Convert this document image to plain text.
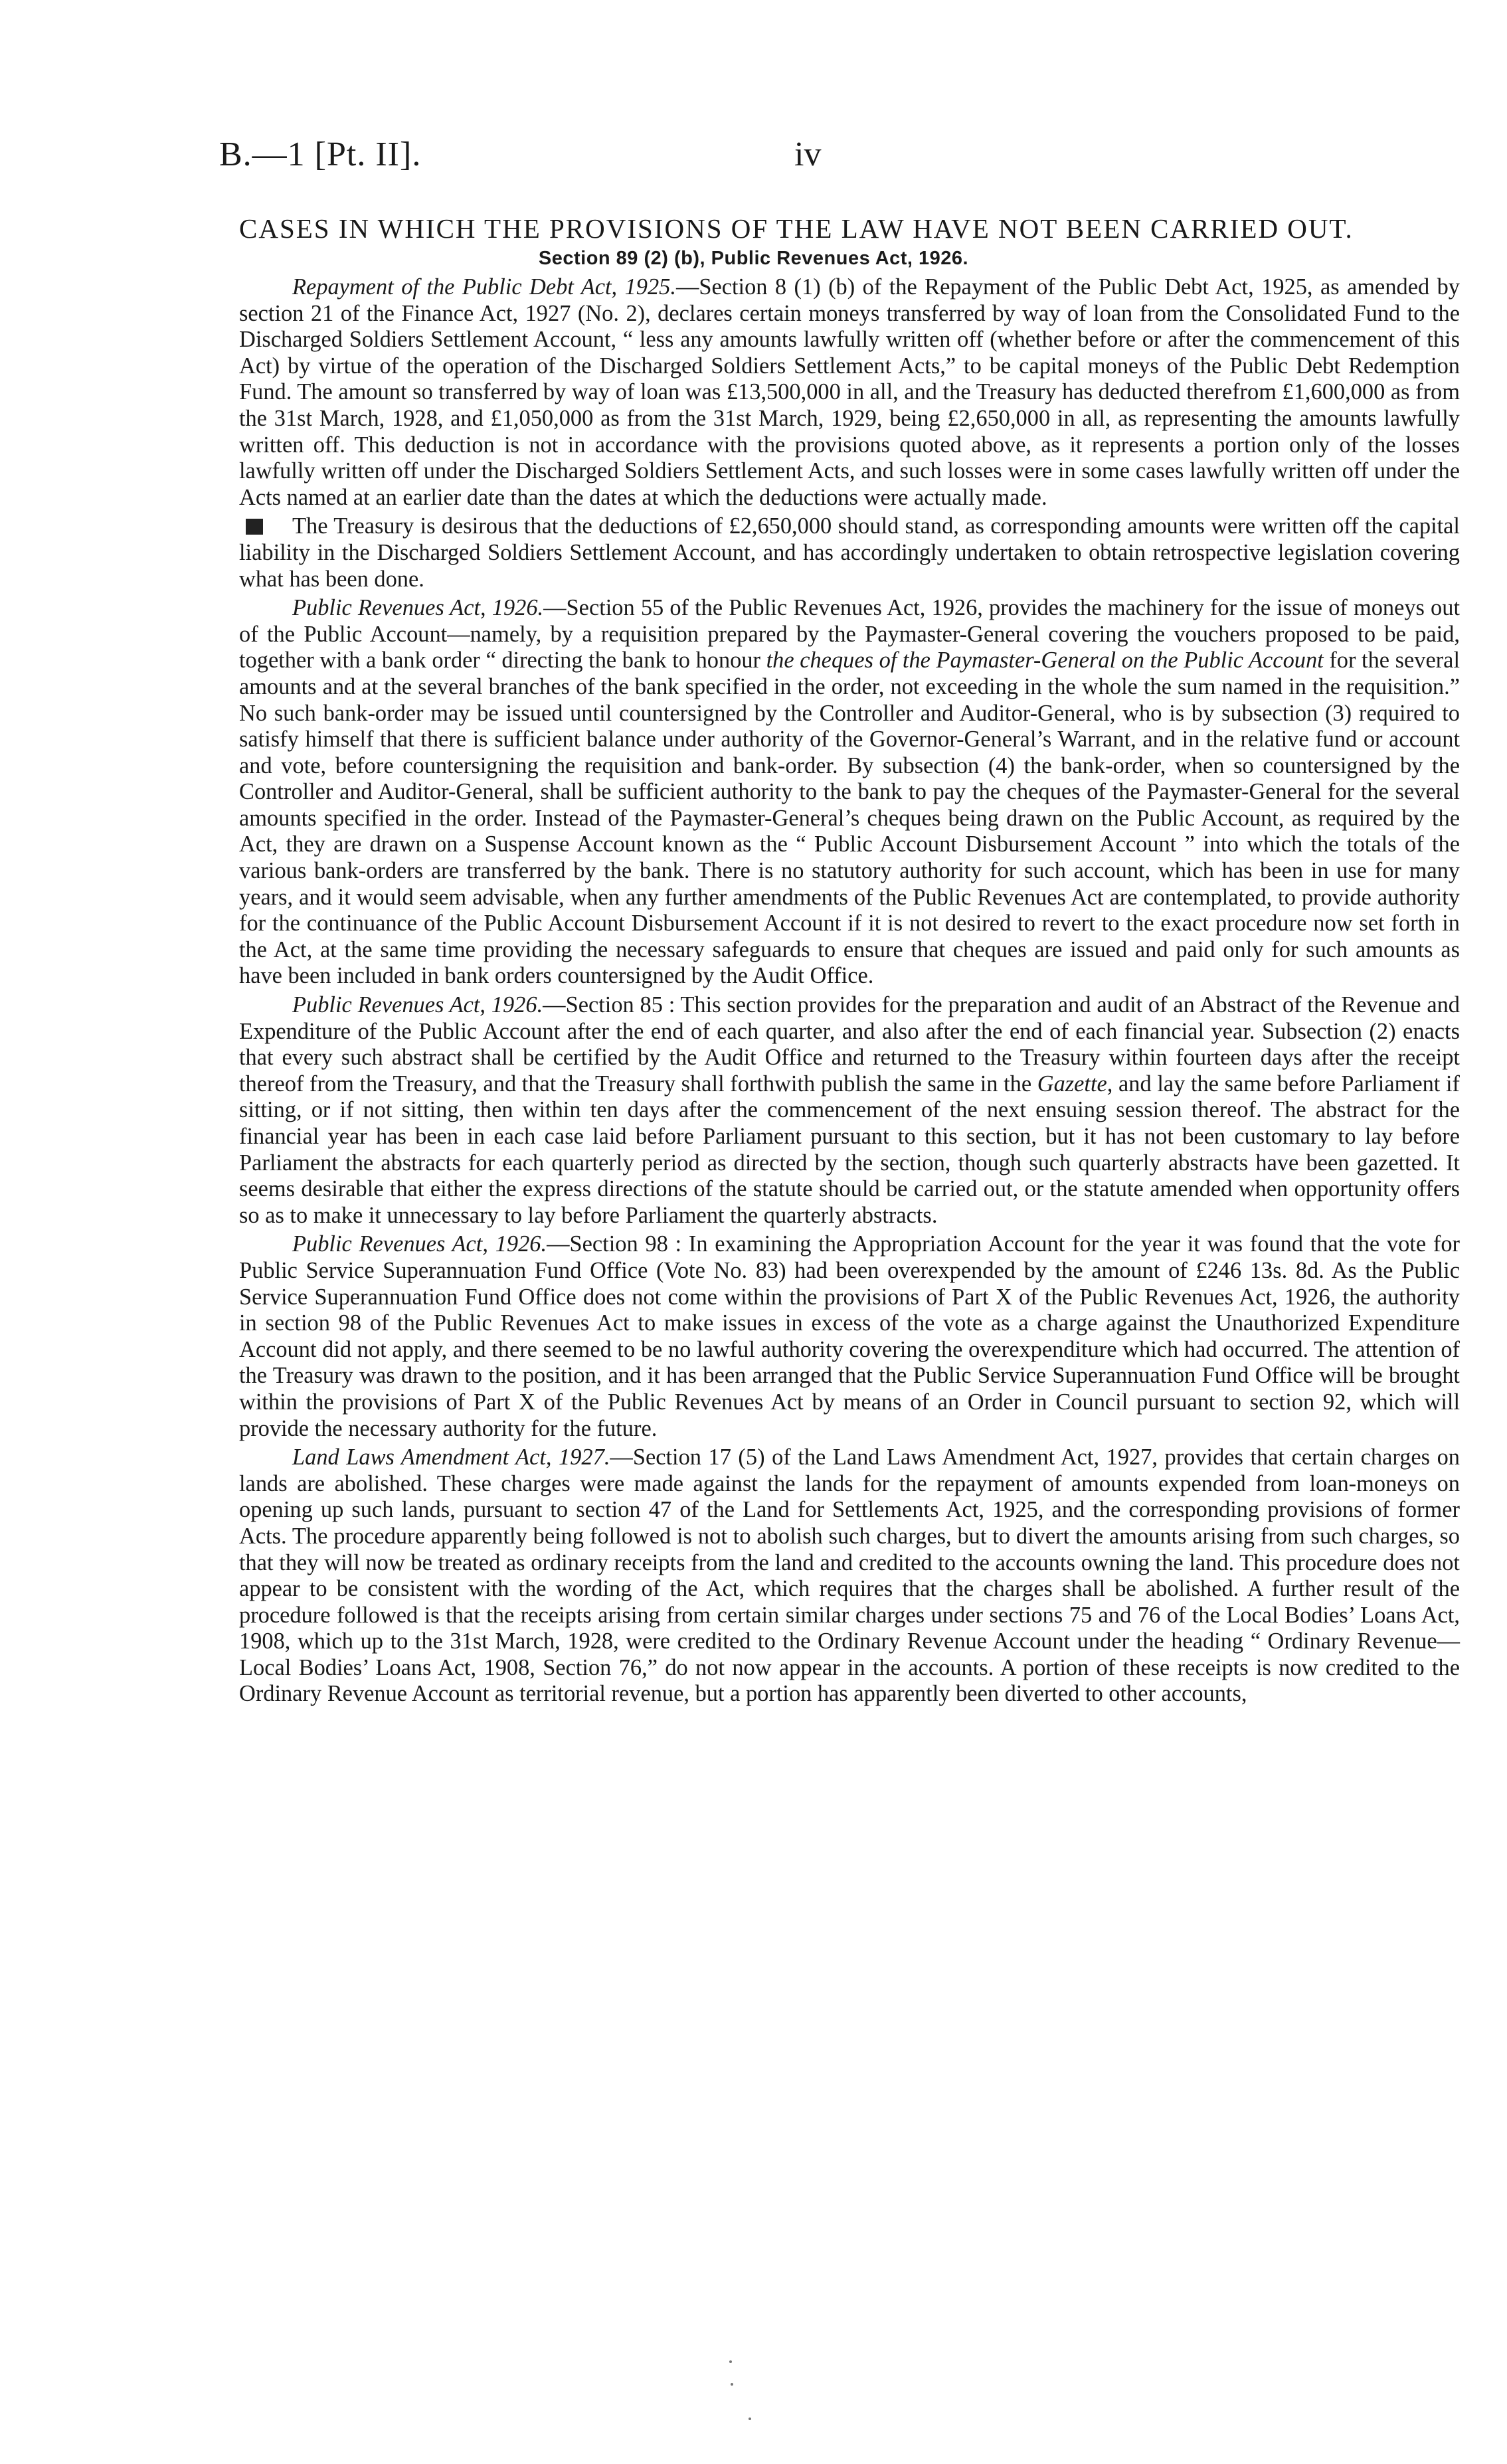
B.—1 [Pt. II].	iv
CASES IN WHICH THE PROVISIONS OF THE LAW HAVE NOT BEEN CARRIED OUT.
Section 89 (2) (b), Public Revenues Act, 1926.

Repayment of the Public Debt Act, 1925.—Section 8 (1) (b) of the Repayment of the Public Debt Act, 1925, as amended by section 21 of the Finance Act, 1927 (No. 2), declares certain moneys transferred by way of loan from the Consolidated Fund to the Discharged Soldiers Settlement Account, “ less any amounts lawfully written off (whether before or after the commencement of this Act) by virtue of the operation of the Discharged Soldiers Settlement Acts,” to be capital moneys of the Public Debt Redemption Fund. The amount so transferred by way of loan was £13,500,000 in all, and the Treasury has deducted therefrom £1,600,000 as from the 31st March, 1928, and £1,050,000 as from the 31st March, 1929, being £2,650,000 in all, as representing the amounts lawfully written off. This deduction is not in accordance with the provisions quoted above, as it represents a portion only of the losses lawfully written off under the Discharged Soldiers Settlement Acts, and such losses were in some cases lawfully written off under the Acts named at an earlier date than the dates at which the deductions were actually made.

The Treasury is desirous that the deductions of £2,650,000 should stand, as corresponding amounts were written off the capital liability in the Discharged Soldiers Settlement Account, and has accordingly undertaken to obtain retrospective legislation covering what has been done.

Public Revenues Act, 1926.—Section 55 of the Public Revenues Act, 1926, provides the machinery for the issue of moneys out of the Public Account—namely, by a requisition prepared by the Paymaster-General covering the vouchers proposed to be paid, together with a bank order “ directing the bank to honour the cheques of the Paymaster-General on the Public Account for the several amounts and at the several branches of the bank specified in the order, not exceeding in the whole the sum named in the requisition.” No such bank-order may be issued until countersigned by the Controller and Auditor-General, who is by subsection (3) required to satisfy himself that there is sufficient balance under authority of the Governor-General’s Warrant, and in the relative fund or account and vote, before countersigning the requisition and bank-order. By subsection (4) the bank-order, when so countersigned by the Controller and Auditor-General, shall be sufficient authority to the bank to pay the cheques of the Paymaster-General for the several amounts specified in the order. Instead of the Paymaster-General’s cheques being drawn on the Public Account, as required by the Act, they are drawn on a Suspense Account known as the “ Public Account Disbursement Account ” into which the totals of the various bank-orders are transferred by the bank. There is no statutory authority for such account, which has been in use for many years, and it would seem advisable, when any further amendments of the Public Revenues Act are contemplated, to provide authority for the continuance of the Public Account Disbursement Account if it is not desired to revert to the exact procedure now set forth in the Act, at the same time providing the necessary safeguards to ensure that cheques are issued and paid only for such amounts as have been included in bank orders countersigned by the Audit Office.

Public Revenues Act, 1926.—Section 85 : This section provides for the preparation and audit of an Abstract of the Revenue and Expenditure of the Public Account after the end of each quarter, and also after the end of each financial year. Subsection (2) enacts that every such abstract shall be certified by the Audit Office and returned to the Treasury within fourteen days after the receipt thereof from the Treasury, and that the Treasury shall forthwith publish the same in the Gazette, and lay the same before Parliament if sitting, or if not sitting, then within ten days after the commencement of the next ensuing session thereof. The abstract for the financial year has been in each case laid before Parliament pursuant to this section, but it has not been customary to lay before Parliament the abstracts for each quarterly period as directed by the section, though such quarterly abstracts have been gazetted. It seems desirable that either the express directions of the statute should be carried out, or the statute amended when opportunity offers so as to make it unnecessary to lay before Parliament the quarterly abstracts.

Public Revenues Act, 1926.—Section 98 : In examining the Appropriation Account for the year it was found that the vote for Public Service Superannuation Fund Office (Vote No. 83) had been overexpended by the amount of £246 13s. 8d. As the Public Service Superannuation Fund Office does not come within the provisions of Part X of the Public Revenues Act, 1926, the authority in section 98 of the Public Revenues Act to make issues in excess of the vote as a charge against the Unauthorized Expenditure Account did not apply, and there seemed to be no lawful authority covering the overexpenditure which had occurred. The attention of the Treasury was drawn to the position, and it has been arranged that the Public Service Superannuation Fund Office will be brought within the provisions of Part X of the Public Revenues Act by means of an Order in Council pursuant to section 92, which will provide the necessary authority for the future.

Land Laws Amendment Act, 1927.—Section 17 (5) of the Land Laws Amendment Act, 1927, provides that certain charges on lands are abolished. These charges were made against the lands for the repayment of amounts expended from loan-moneys on opening up such lands, pursuant to section 47 of the Land for Settlements Act, 1925, and the corresponding provisions of former Acts. The procedure apparently being followed is not to abolish such charges, but to divert the amounts arising from such charges, so that they will now be treated as ordinary receipts from the land and credited to the accounts owning the land. This procedure does not appear to be consistent with the wording of the Act, which requires that the charges shall be abolished. A further result of the procedure followed is that the receipts arising from certain similar charges under sections 75 and 76 of the Local Bodies’ Loans Act, 1908, which up to the 31st March, 1928, were credited to the Ordinary Revenue Account under the heading “ Ordinary Revenue—Local Bodies’ Loans Act, 1908, Section 76,” do not now appear in the accounts. A portion of these receipts is now credited to the Ordinary Revenue Account as territorial revenue, but a portion has apparently been diverted to other accounts,
